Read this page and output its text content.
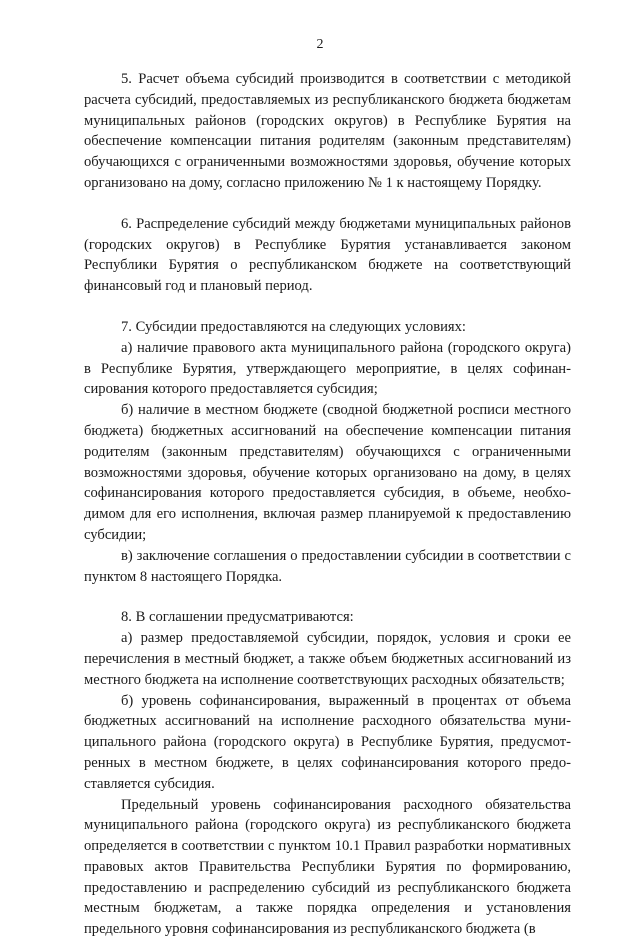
2

5. Расчет объема субсидий производится в соответствии с методикой расчета субсидий, предоставляемых из республиканского бюджета бюджетам муниципальных районов (городских округов) в Республике Бурятия на обеспечение компенсации питания родителям (законным представителям) обучающихся с ограниченными возможностями здоровья, обучение которых организовано на дому, согласно приложению № 1 к настоящему Порядку.

6. Распределение субсидий между бюджетами муниципальных районов (городских округов) в Республике Бурятия устанавливается законом Республики Бурятия о республиканском бюджете на соответствующий финансовый год и плановый период.

7. Субсидии предоставляются на следующих условиях:

а) наличие правового акта муниципального района (городского округа) в Республике Бурятия, утверждающего мероприятие, в целях софинансирования которого предоставляется субсидия;

б) наличие в местном бюджете (сводной бюджетной росписи местного бюджета) бюджетных ассигнований на обеспечение компенсации питания родителям (законным представителям) обучающихся с ограниченными возможностями здоровья, обучение которых организовано на дому, в целях софинансирования которого предоставляется субсидия, в объеме, необходимом для его исполнения, включая размер планируемой к предоставлению субсидии;

в) заключение соглашения о предоставлении субсидии в соответствии с пунктом 8 настоящего Порядка.

8. В соглашении предусматриваются:

а) размер предоставляемой субсидии, порядок, условия и сроки ее перечисления в местный бюджет, а также объем бюджетных ассигнований из местного бюджета на исполнение соответствующих расходных обязательств;

б) уровень софинансирования, выраженный в процентах от объема бюджетных ассигнований на исполнение расходного обязательства муниципального района (городского округа) в Республике Бурятия, предусмотренных в местном бюджете, в целях софинансирования которого предоставляется субсидия.

Предельный уровень софинансирования расходного обязательства муниципального района (городского округа) из республиканского бюджета определяется в соответствии с пунктом 10.1 Правил разработки нормативных правовых актов Правительства Республики Бурятия по формированию, предоставлению и распределению субсидий из республиканского бюджета местным бюджетам, а также порядка определения и установления предельного уровня софинансирования из республиканского бюджета (в
